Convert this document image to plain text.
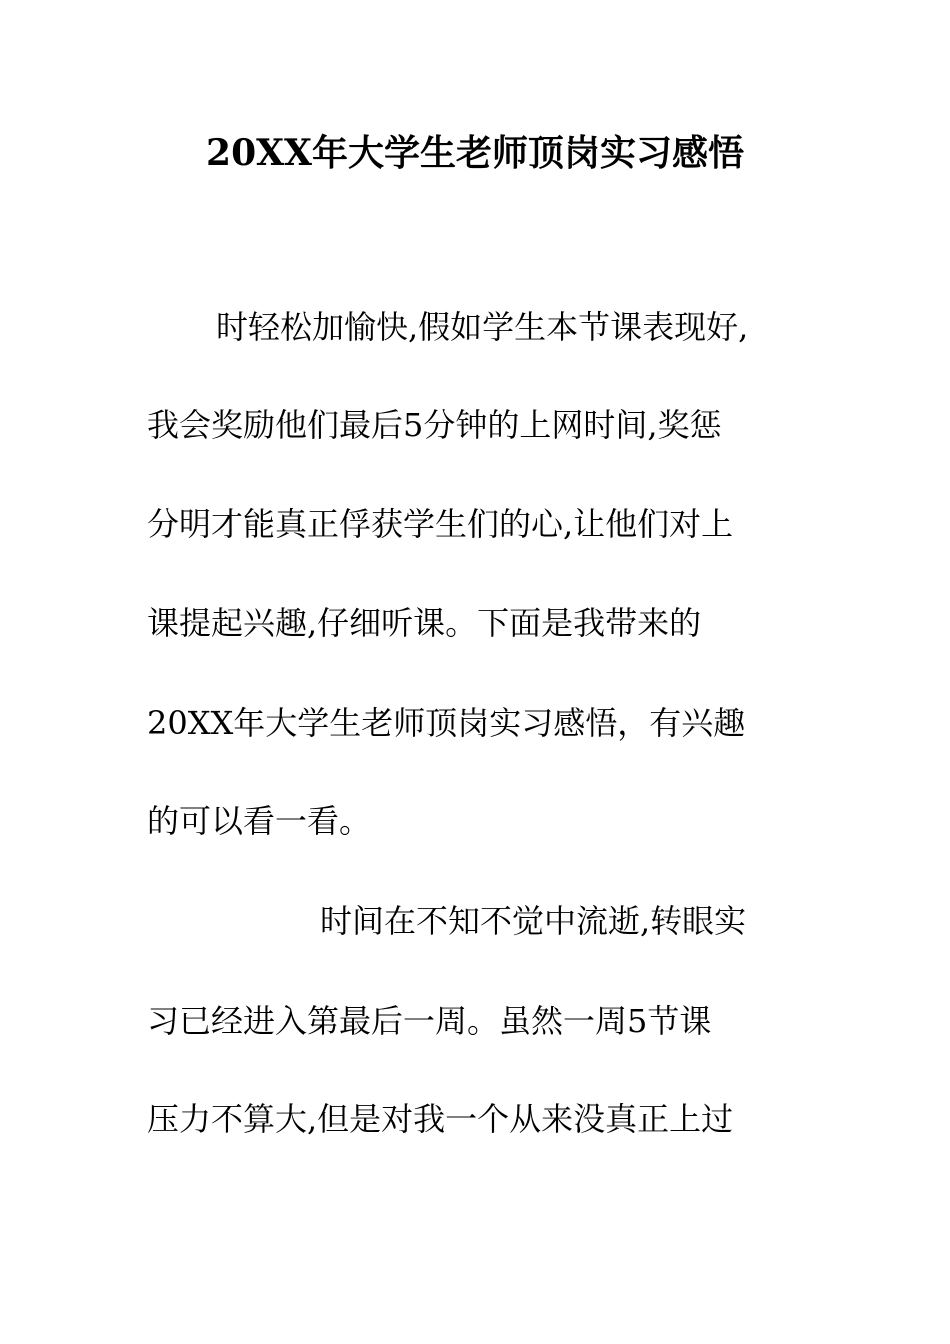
20XX年大学生老师顶岗实习感悟
时轻松加愉快,假如学生本节课表现好,
我会奖励他们最后5分钟的上网时间,奖惩
分明才能真正俘获学生们的心,让他们对上
课提起兴趣,仔细听课。下面是我带来的
20XX年大学生老师顶岗实习感悟，有兴趣
的可以看一看。
时间在不知不觉中流逝,转眼实
习已经进入第最后一周。虽然一周5节课
压力不算大,但是对我一个从来没真正上过
